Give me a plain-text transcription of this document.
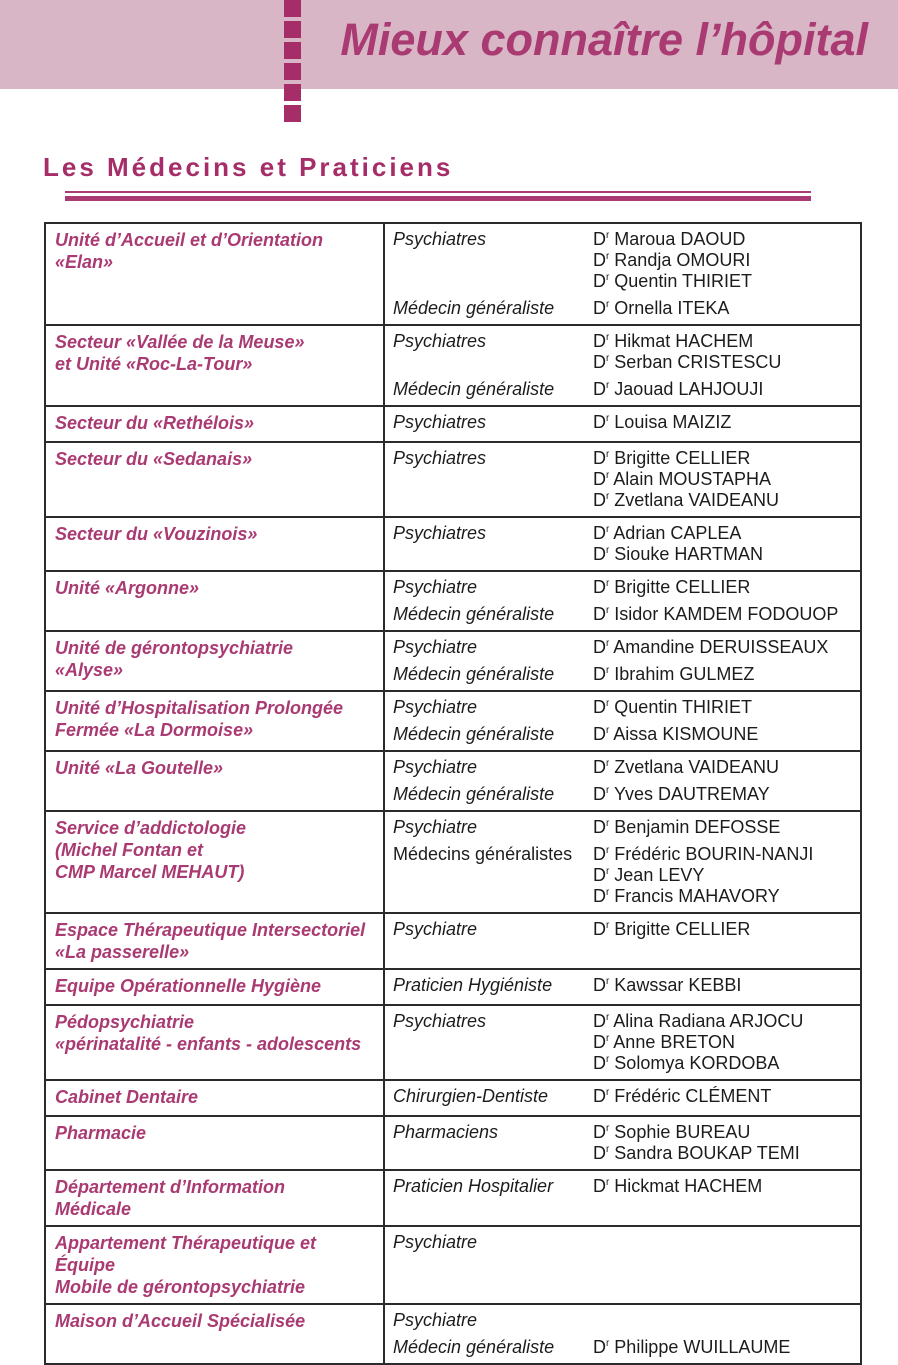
Mieux connaître l’hôpital
Les Médecins et Praticiens
Unité d’Accueil et d’Orientation
«Elan»
Psychiatres	$D^r$ Maroua DAOUD
$D^r$ Randja OMOURI
$D^r$ Quentin THIRIET
Médecin généraliste	$D^r$ Ornella ITEKA
Secteur «Vallée de la Meuse»
et Unité «Roc-La-Tour»
Psychiatres	$D^r$ Hikmat HACHEM
$D^r$ Serban CRISTESCU
Médecin généraliste	$D^r$ Jaouad LAHJOUJI
Secteur du «Rethélois»	Psychiatres	$D^r$ Louisa MAIZIZ
Secteur du «Sedanais»	Psychiatres	$D^r$ Brigitte CELLIER
$D^r$ Alain MOUSTAPHA
$D^r$ Zvetlana VAIDEANU
Secteur du «Vouzinois»	Psychiatres	$D^r$ Adrian CAPLEA
$D^r$ Siouke HARTMAN
Unité «Argonne»	Psychiatre	$D^r$ Brigitte CELLIER
Médecin généraliste	$D^r$ Isidor KAMDEM FODOUOP
Unité de gérontopsychiatrie
«Alyse»
Psychiatre	$D^r$ Amandine DERUISSEAUX
Médecin généraliste	$D^r$ Ibrahim GULMEZ
Unité d’Hospitalisation Prolongée
Fermée «La Dormoise»
Psychiatre	$D^r$ Quentin THIRIET
Médecin généraliste	$D^r$ Aissa KISMOUNE
Unité «La Goutelle»	Psychiatre	$D^r$ Zvetlana VAIDEANU
Médecin généraliste	$D^r$ Yves DAUTREMAY
Service d’addictologie
(Michel Fontan et
CMP Marcel MEHAUT)
Psychiatre	$D^r$ Benjamin DEFOSSE
Médecins généralistes	$D^r$ Frédéric BOURIN-NANJI
$D^r$ Jean LEVY
$D^r$ Francis MAHAVORY
Espace Thérapeutique Intersectoriel
«La passerelle»
Psychiatre	$D^r$ Brigitte CELLIER
Equipe Opérationnelle Hygiène	Praticien Hygiéniste	$D^r$ Kawssar KEBBI
Pédopsychiatrie
«périnatalité - enfants - adolescents
Psychiatres	$D^r$ Alina Radiana ARJOCU
$D^r$ Anne BRETON
$D^r$ Solomya KORDOBA
Cabinet Dentaire	Chirurgien-Dentiste	$D^r$ Frédéric CLÉMENT
Pharmacie	Pharmaciens	$D^r$ Sophie BUREAU
$D^r$ Sandra BOUKAP TEMI
Département d’Information
Médicale
Praticien Hospitalier	$D^r$ Hickmat HACHEM
Appartement Thérapeutique et Équipe
Mobile de gérontopsychiatrie
Psychiatre
Maison d’Accueil Spécialisée	Psychiatre
Médecin généraliste	$D^r$ Philippe WUILLAUME
